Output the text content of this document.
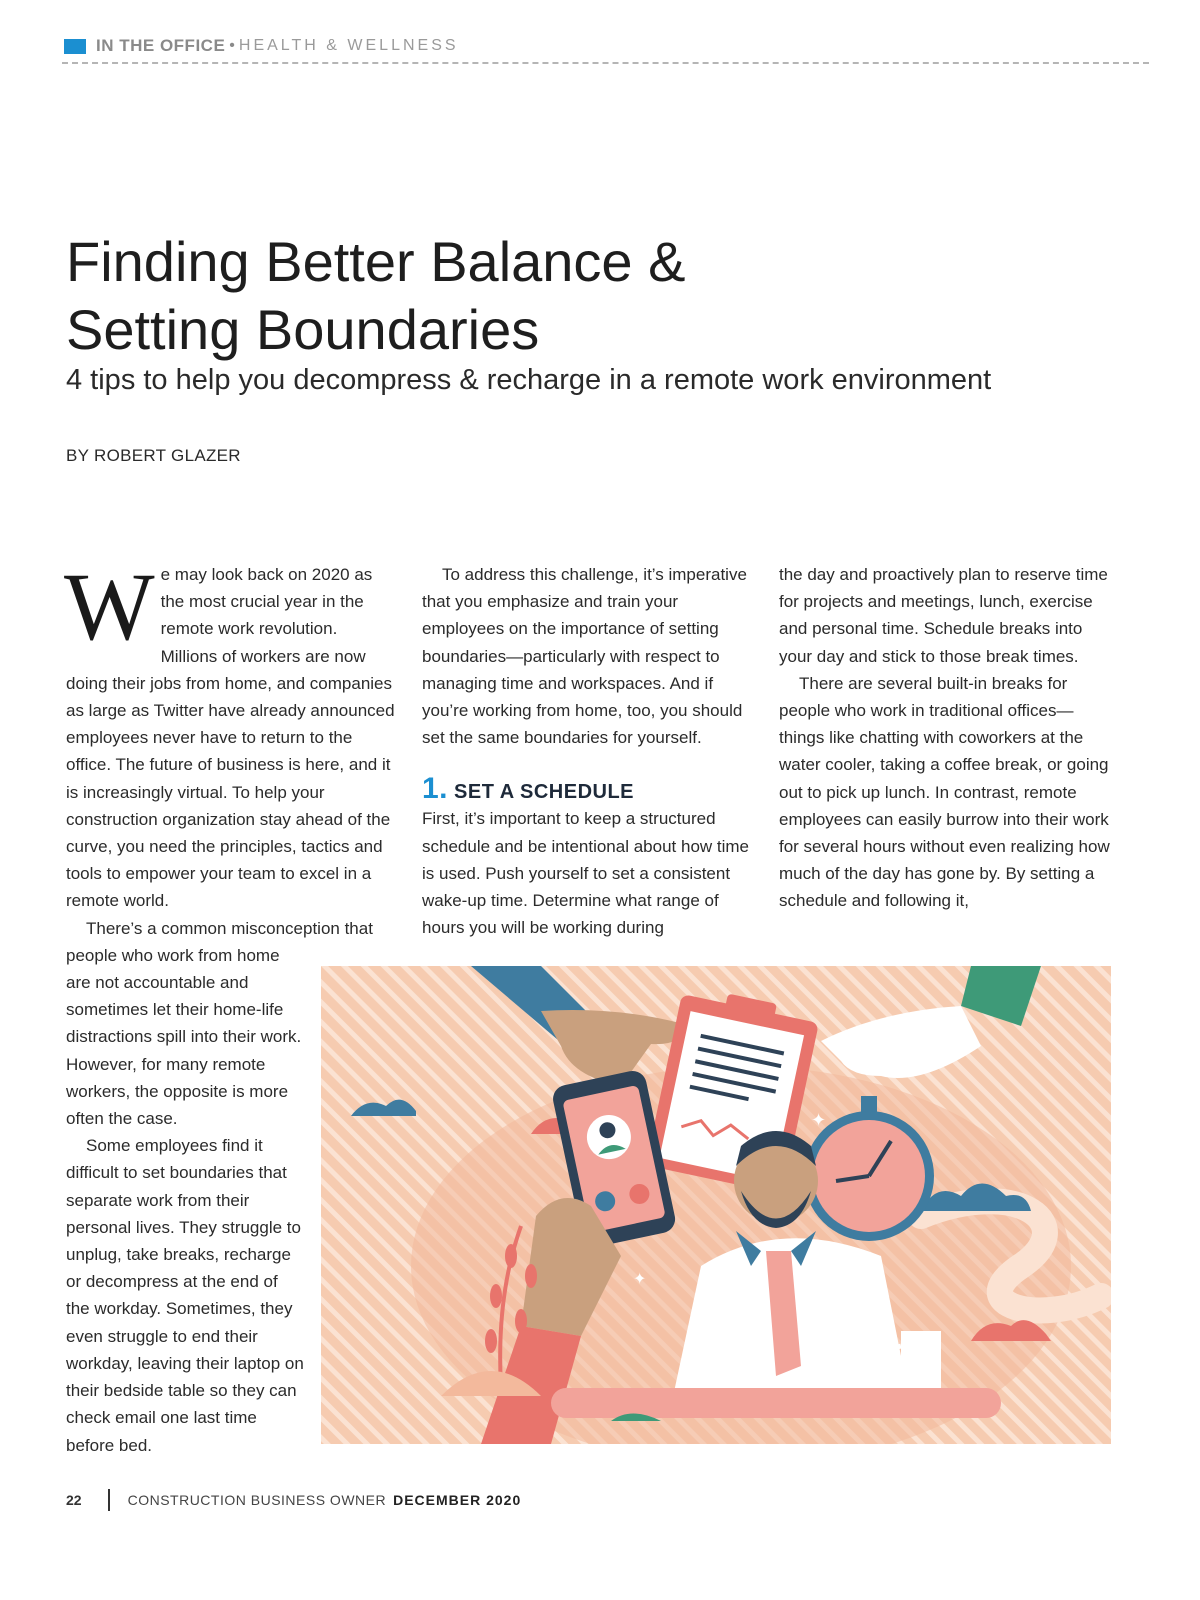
IN THE OFFICE • HEALTH & WELLNESS
Finding Better Balance &
Setting Boundaries
4 tips to help you decompress & recharge in a remote work environment
BY ROBERT GLAZER

We may look back on 2020 as the most crucial year in the remote work revolution. Millions of workers are now doing their jobs from home, and companies as large as Twitter have already announced employees never have to return to the office. The future of business is here, and it is increasingly virtual. To help your construction organization stay ahead of the curve, you need the principles, tactics and tools to empower your team to excel in a remote world.

There’s a common misconception that

people who work from home are not accountable and sometimes let their home-life distractions spill into their work. However, for many remote workers, the opposite is more often the case.

Some employees find it difficult to set boundaries that separate work from their personal lives. They struggle to unplug, take breaks, recharge or decompress at the end of the workday. Sometimes, they even struggle to end their workday, leaving their laptop on their bedside table so they can check email one last time before bed.

To address this challenge, it’s imperative that you emphasize and train your employees on the importance of setting boundaries—particularly with respect to managing time and workspaces. And if you’re working from home, too, you should set the same boundaries for yourself.

1. SET A SCHEDULE

First, it’s important to keep a structured schedule and be intentional about how time is used. Push yourself to set a consistent wake-up time. Determine what range of hours you will be working during

the day and proactively plan to reserve time for projects and meetings, lunch, exercise and personal time. Schedule breaks into your day and stick to those break times.

There are several built-in breaks for people who work in traditional offices—things like chatting with coworkers at the water cooler, taking a coffee break, or going out to pick up lunch. In contrast, remote employees can easily burrow into their work for several hours without even realizing how much of the day has gone by. By setting a schedule and following it,

✦
✦
22	CONSTRUCTION BUSINESS OWNER DECEMBER 2020
